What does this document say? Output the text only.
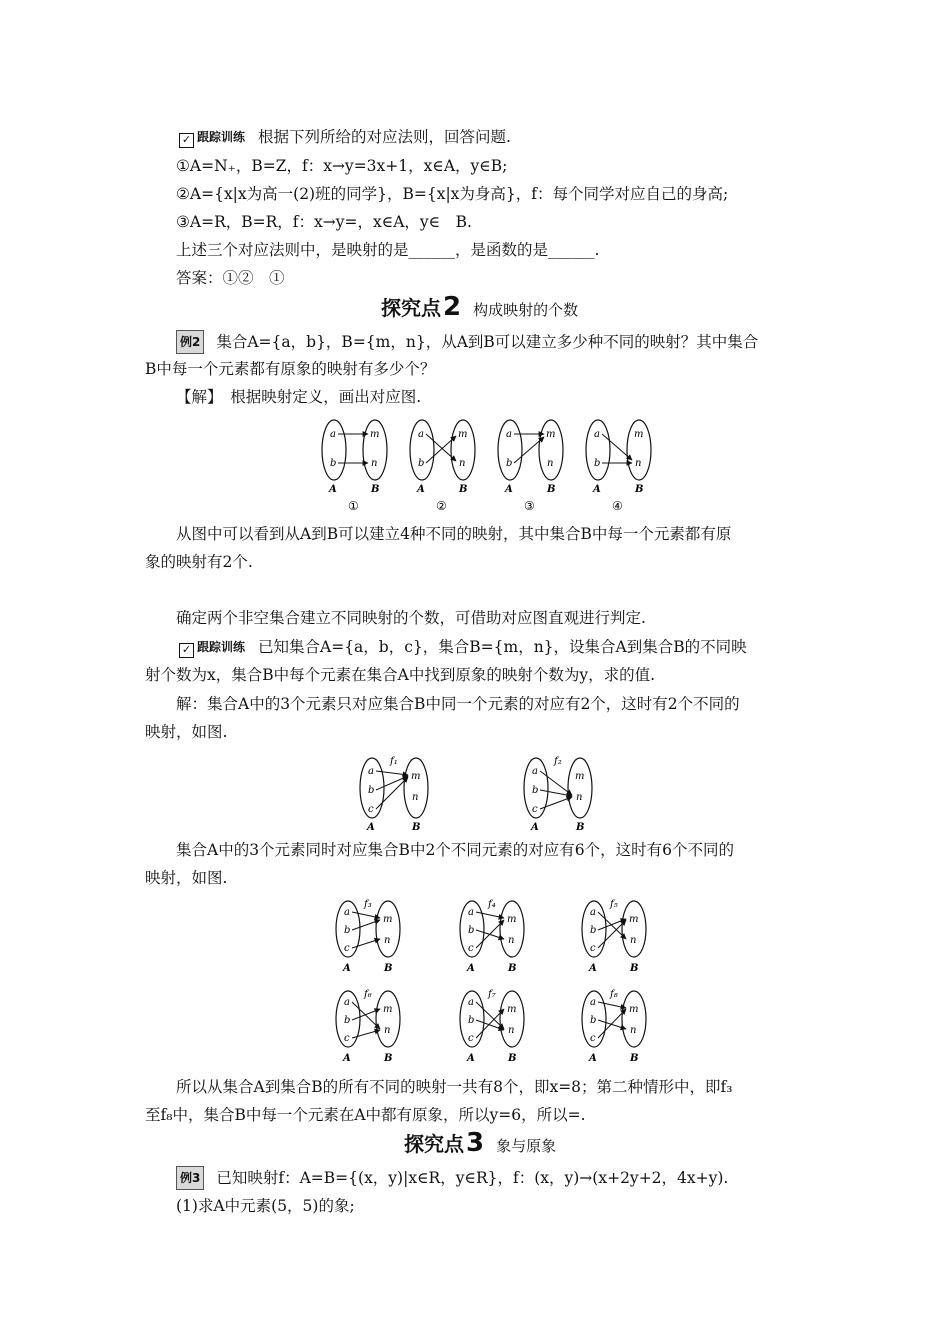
✓ 跟踪训练 根据下列所给的对应法则，回答问题.
①A=N₊，B=Z，f：x→y=3x+1，x∈A，y∈B;
②A={x|x为高一(2)班的同学}，B={x|x为身高}，f：每个同学对应自己的身高;
③A=R，B=R，f：x→y=，x∈A，y∈　B.
上述三个对应法则中，是映射的是______，是函数的是______.
答案：①②　①
探究点2 构成映射的个数
例2 集合A={a，b}，B={m，n}，从A到B可以建立多少种不同的映射？其中集合
B中每一个元素都有原象的映射有多少个？
【解】　根据映射定义，画出对应图.
a
b
m
n
A	B
①
a
b
m
n
A	B
②
a
b
m
n
A	B
③
a
b
m
n
A	B
④
从图中可以看到从A到B可以建立4种不同的映射，其中集合B中每一个元素都有原
象的映射有2个.
确定两个非空集合建立不同映射的个数，可借助对应图直观进行判定.
✓ 跟踪训练 已知集合A={a，b，c}，集合B={m，n}，设集合A到集合B的不同映
射个数为x，集合B中每个元素在集合A中找到原象的映射个数为y，求的值.
解：集合A中的3个元素只对应集合B中同一个元素的对应有2个，这时有2个不同的
映射，如图.
a
b
c
m
n
f₁
A	B
a
b
c
m
n
f₂
A	B
集合A中的3个元素同时对应集合B中2个不同元素的对应有6个，这时有6个不同的
映射，如图.
a
b
c
m
n
f₃
A	B
a
b
c
m
n
f₄
A	B
a
b
c
m
n
f₅
A	B
a
b
c
m
n
f₆
A	B
a
b
c
m
n
f₇
A	B
a
b
c
m
n
f₈
A	B
所以从集合A到集合B的所有不同的映射一共有8个，即x=8；第二种情形中，即f₃
至f₈中，集合B中每一个元素在A中都有原象，所以y=6，所以=.
探究点3 象与原象
例3 已知映射f：A=B={(x，y)|x∈R，y∈R}，f：(x，y)→(x+2y+2，4x+y).
(1)求A中元素(5，5)的象;
